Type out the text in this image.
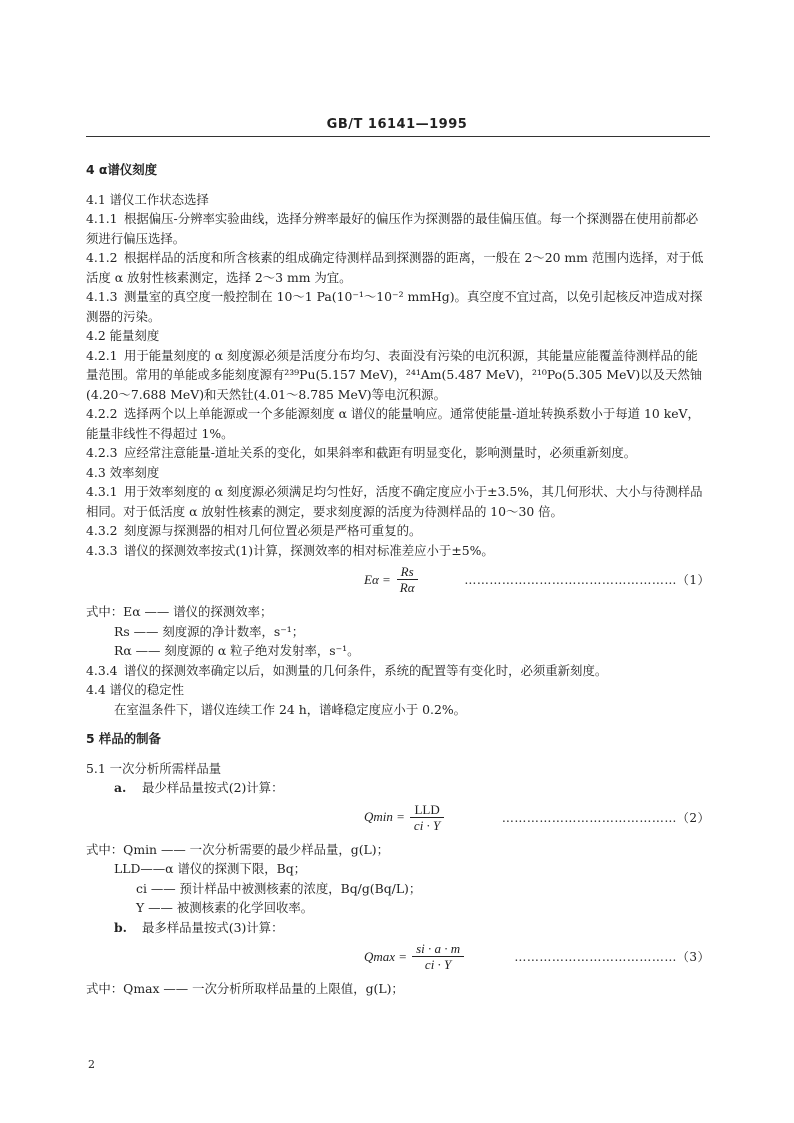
GB/T 16141—1995

4 α谱仪刻度

4.1 谱仪工作状态选择

4.1.1 根据偏压-分辨率实验曲线，选择分辨率最好的偏压作为探测器的最佳偏压值。每一个探测器在使用前都必须进行偏压选择。

4.1.2 根据样品的活度和所含核素的组成确定待测样品到探测器的距离，一般在 2～20 mm 范围内选择，对于低活度 α 放射性核素测定，选择 2～3 mm 为宜。

4.1.3 测量室的真空度一般控制在 10～1 Pa(10⁻¹～10⁻² mmHg)。真空度不宜过高，以免引起核反冲造成对探测器的污染。

4.2 能量刻度

4.2.1 用于能量刻度的 α 刻度源必须是活度分布均匀、表面没有污染的电沉积源，其能量应能覆盖待测样品的能量范围。常用的单能或多能刻度源有²³⁹Pu(5.157 MeV)，²⁴¹Am(5.487 MeV)，²¹⁰Po(5.305 MeV)以及天然铀(4.20～7.688 MeV)和天然钍(4.01～8.785 MeV)等电沉积源。

4.2.2 选择两个以上单能源或一个多能源刻度 α 谱仪的能量响应。通常使能量-道址转换系数小于每道 10 keV，能量非线性不得超过 1%。

4.2.3 应经常注意能量-道址关系的变化，如果斜率和截距有明显变化，影响测量时，必须重新刻度。

4.3 效率刻度

4.3.1 用于效率刻度的 α 刻度源必须满足均匀性好，活度不确定度应小于±3.5%，其几何形状、大小与待测样品相同。对于低活度 α 放射性核素的测定，要求刻度源的活度为待测样品的 10～30 倍。

4.3.2 刻度源与探测器的相对几何位置必须是严格可重复的。

4.3.3 谱仪的探测效率按式(1)计算，探测效率的相对标准差应小于±5%。

$E\alpha = \frac{Rs}{R\alpha}$	……………………………………………（1）

式中：Eα —— 谱仪的探测效率；

Rs —— 刻度源的净计数率，s⁻¹；

Rα —— 刻度源的 α 粒子绝对发射率，s⁻¹。

4.3.4 谱仪的探测效率确定以后，如测量的几何条件，系统的配置等有变化时，必须重新刻度。

4.4 谱仪的稳定性

在室温条件下，谱仪连续工作 24 h，谱峰稳定度应小于 0.2%。

5 样品的制备

5.1 一次分析所需样品量

a. 最少样品量按式(2)计算：

$Qmin = \frac{\text{LLD}}{ci \cdot Y}$	……………………………………（2）

式中：Qmin —— 一次分析需要的最少样品量，g(L)；

LLD——α 谱仪的探测下限，Bq；

ci —— 预计样品中被测核素的浓度，Bq/g(Bq/L)；

Y —— 被测核素的化学回收率。

b. 最多样品量按式(3)计算：

$Qmax = \frac{si \cdot a \cdot m}{ci \cdot Y}$	…………………………………（3）

式中：Qmax —— 一次分析所取样品量的上限值，g(L)；

2
